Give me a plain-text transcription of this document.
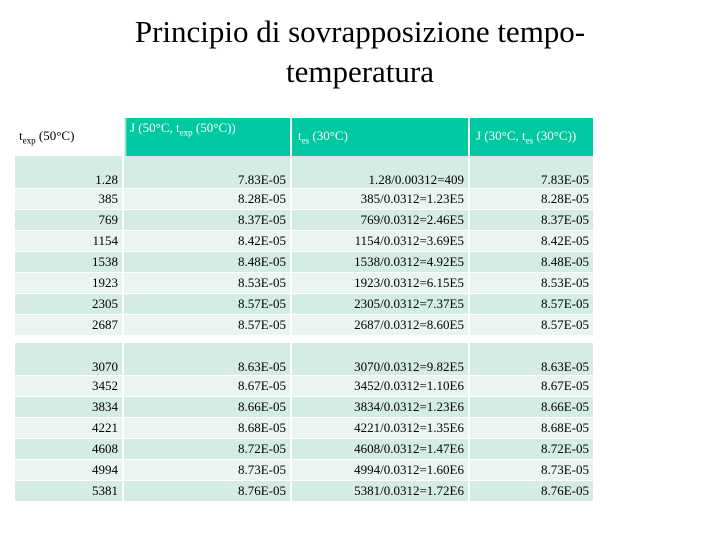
Principio di sovrapposizione tempo-temperatura
$t_{exp}$ (50°C)	J (50°C, $t_{exp}$ (50°C))	$t_{es}$ (30°C)	J (30°C, $t_{es}$ (30°C))
1.28	7.83E-05	1.28/0.00312=409	7.83E-05
385	8.28E-05	385/0.0312=1.23E5	8.28E-05
769	8.37E-05	769/0.0312=2.46E5	8.37E-05
1154	8.42E-05	1154/0.0312=3.69E5	8.42E-05
1538	8.48E-05	1538/0.0312=4.92E5	8.48E-05
1923	8.53E-05	1923/0.0312=6.15E5	8.53E-05
2305	8.57E-05	2305/0.0312=7.37E5	8.57E-05
2687	8.57E-05	2687/0.0312=8.60E5	8.57E-05

3070	8.63E-05	3070/0.0312=9.82E5	8.63E-05
3452	8.67E-05	3452/0.0312=1.10E6	8.67E-05
3834	8.66E-05	3834/0.0312=1.23E6	8.66E-05
4221	8.68E-05	4221/0.0312=1.35E6	8.68E-05
4608	8.72E-05	4608/0.0312=1.47E6	8.72E-05
4994	8.73E-05	4994/0.0312=1.60E6	8.73E-05
5381	8.76E-05	5381/0.0312=1.72E6	8.76E-05
